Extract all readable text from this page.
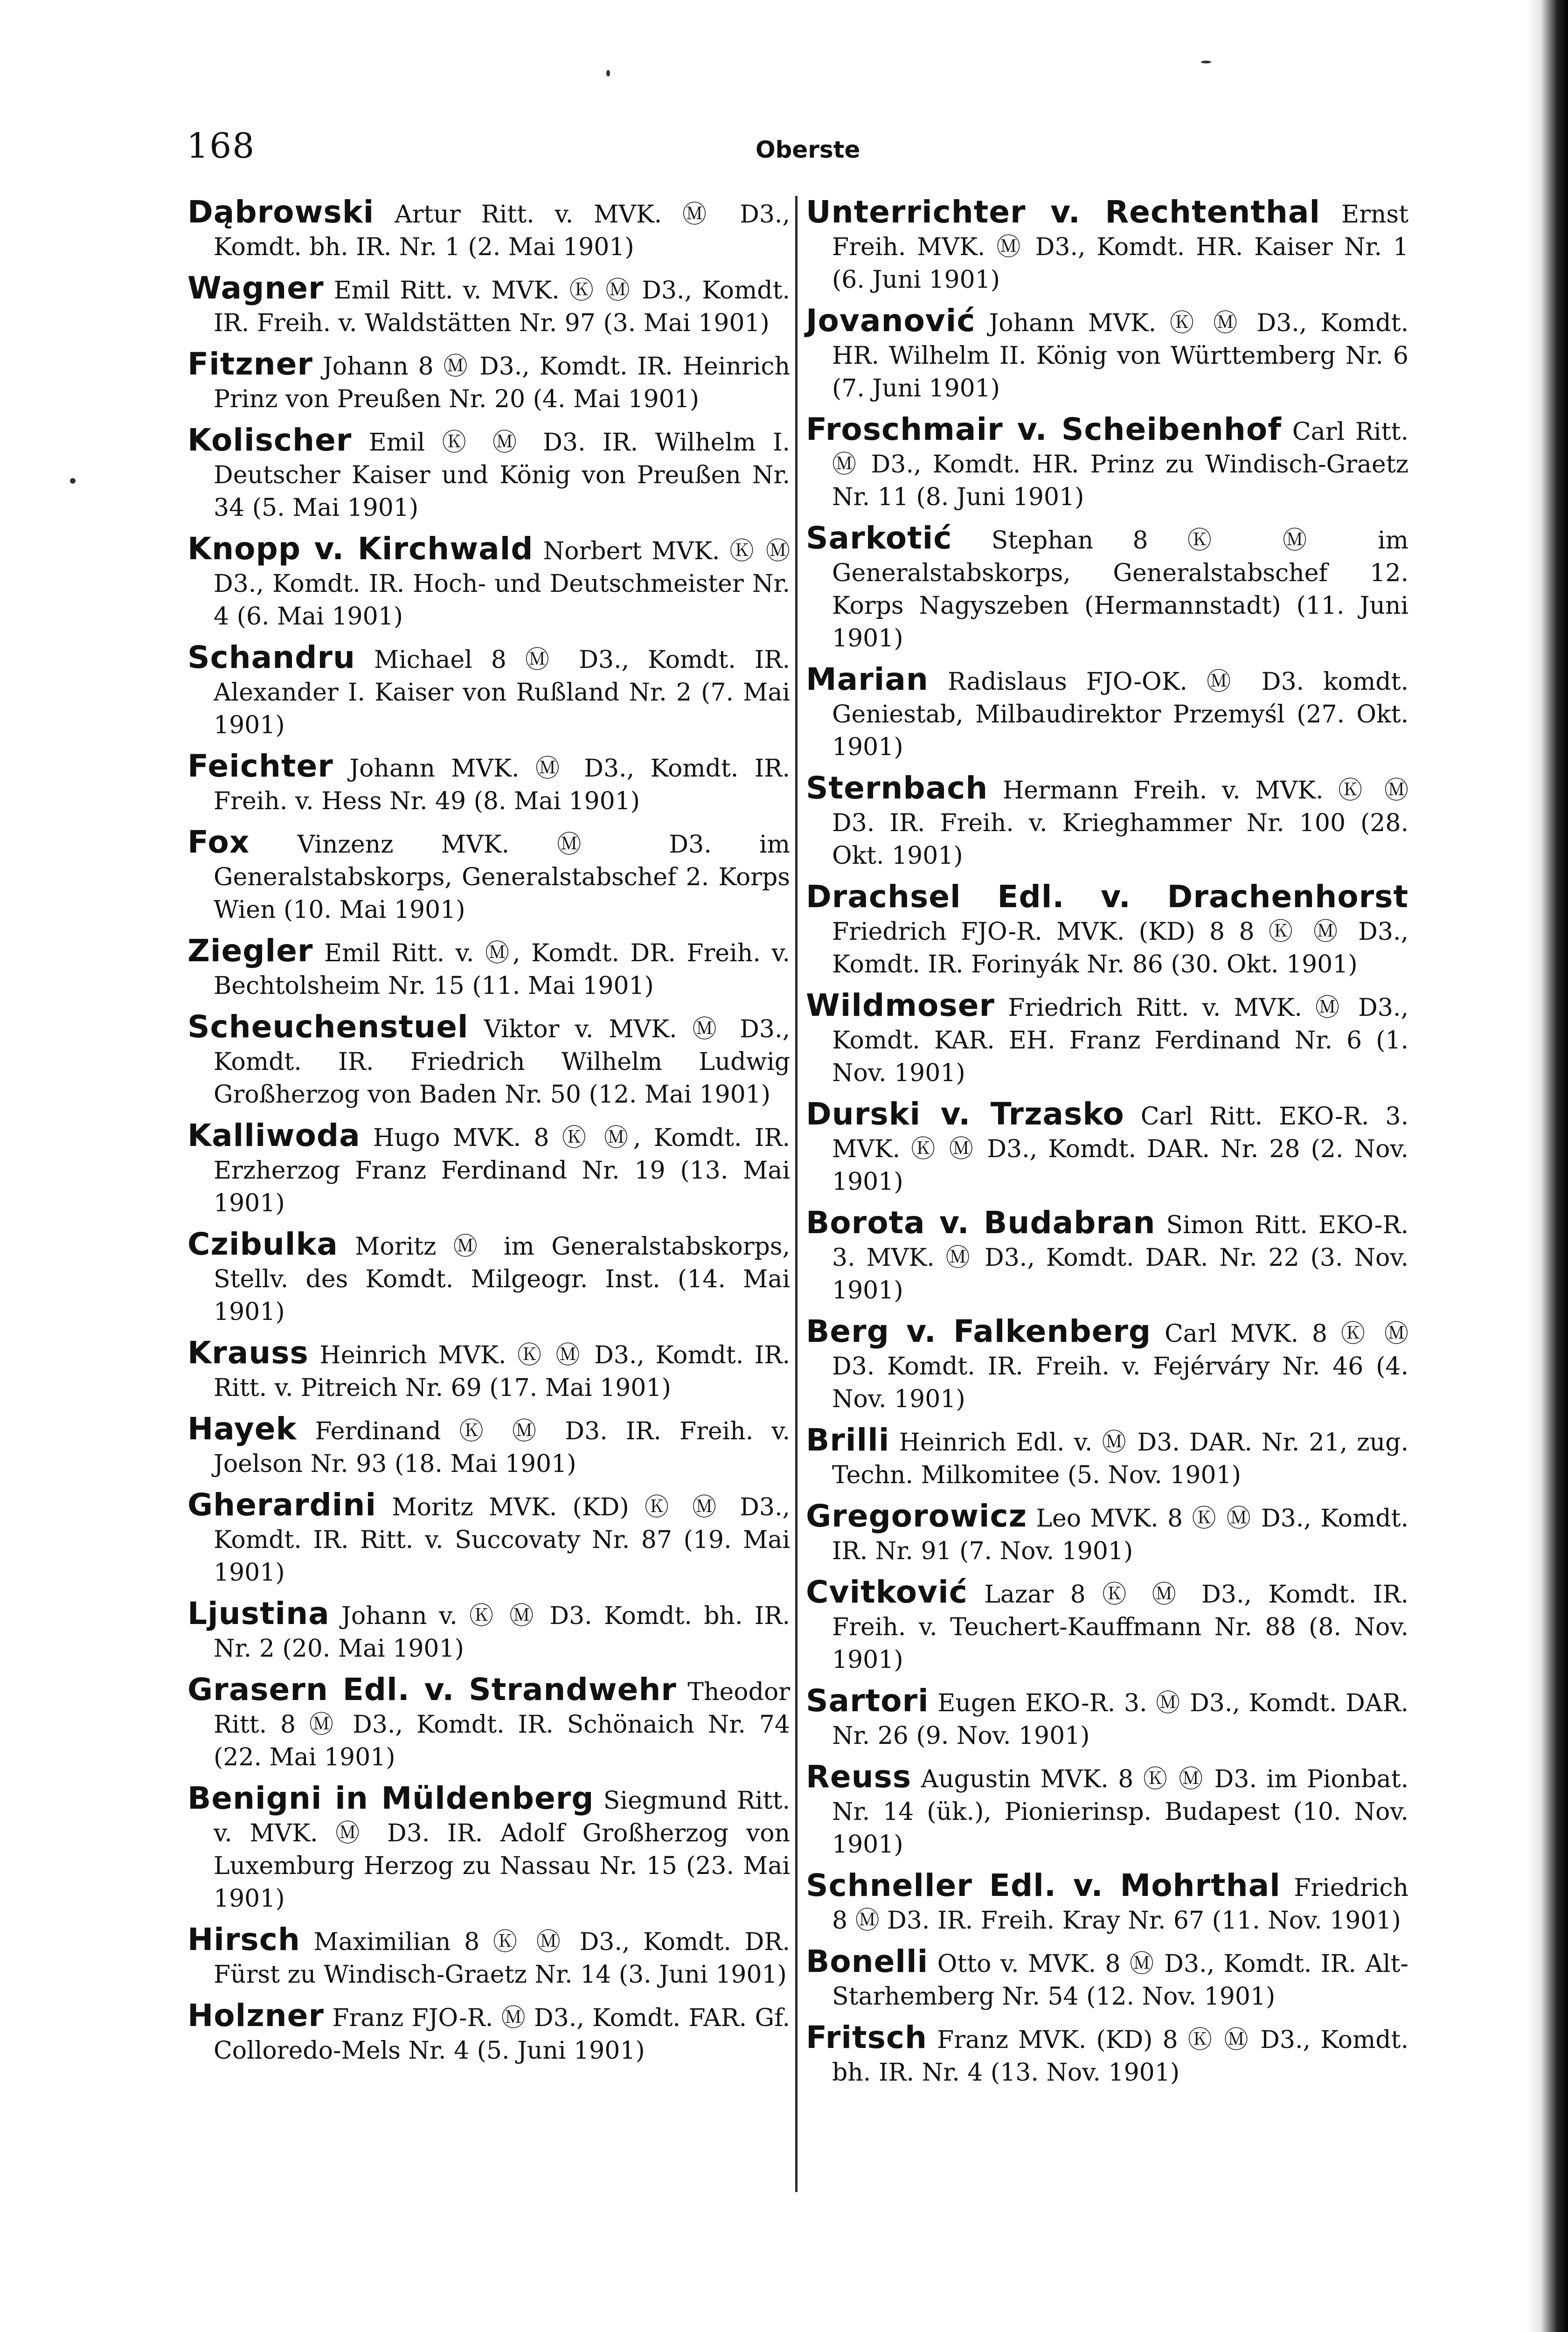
168	Oberste

Dąbrowski Artur Ritt. v. MVK. Ⓜ D3., Komdt. bh. IR. Nr. 1 (2. Mai 1901)

Wagner Emil Ritt. v. MVK. Ⓚ Ⓜ D3., Komdt. IR. Freih. v. Waldstätten Nr. 97 (3. Mai 1901)

Fitzner Johann 8 Ⓜ D3., Komdt. IR. Heinrich Prinz von Preußen Nr. 20 (4. Mai 1901)

Kolischer Emil Ⓚ Ⓜ D3. IR. Wilhelm I. Deutscher Kaiser und König von Preußen Nr. 34 (5. Mai 1901)

Knopp v. Kirchwald Norbert MVK. Ⓚ Ⓜ D3., Komdt. IR. Hoch- und Deutschmeister Nr. 4 (6. Mai 1901)

Schandru Michael 8 Ⓜ D3., Komdt. IR. Alexander I. Kaiser von Rußland Nr. 2 (7. Mai 1901)

Feichter Johann MVK. Ⓜ D3., Komdt. IR. Freih. v. Hess Nr. 49 (8. Mai 1901)

Fox Vinzenz MVK. Ⓜ D3. im Generalstabskorps, Generalstabschef 2. Korps Wien (10. Mai 1901)

Ziegler Emil Ritt. v. Ⓜ, Komdt. DR. Freih. v. Bechtolsheim Nr. 15 (11. Mai 1901)

Scheuchenstuel Viktor v. MVK. Ⓜ D3., Komdt. IR. Friedrich Wilhelm Ludwig Großherzog von Baden Nr. 50 (12. Mai 1901)

Kalliwoda Hugo MVK. 8 Ⓚ Ⓜ, Komdt. IR. Erzherzog Franz Ferdinand Nr. 19 (13. Mai 1901)

Czibulka Moritz Ⓜ im Generalstabskorps, Stellv. des Komdt. Milgeogr. Inst. (14. Mai 1901)

Krauss Heinrich MVK. Ⓚ Ⓜ D3., Komdt. IR. Ritt. v. Pitreich Nr. 69 (17. Mai 1901)

Hayek Ferdinand Ⓚ Ⓜ D3. IR. Freih. v. Joelson Nr. 93 (18. Mai 1901)

Gherardini Moritz MVK. (KD) Ⓚ Ⓜ D3., Komdt. IR. Ritt. v. Succovaty Nr. 87 (19. Mai 1901)

Ljustina Johann v. Ⓚ Ⓜ D3. Komdt. bh. IR. Nr. 2 (20. Mai 1901)

Grasern Edl. v. Strandwehr Theodor Ritt. 8 Ⓜ D3., Komdt. IR. Schönaich Nr. 74 (22. Mai 1901)

Benigni in Müldenberg Siegmund Ritt. v. MVK. Ⓜ D3. IR. Adolf Großherzog von Luxemburg Herzog zu Nassau Nr. 15 (23. Mai 1901)

Hirsch Maximilian 8 Ⓚ Ⓜ D3., Komdt. DR. Fürst zu Windisch-Graetz Nr. 14 (3. Juni 1901)

Holzner Franz FJO-R. Ⓜ D3., Komdt. FAR. Gf. Colloredo-Mels Nr. 4 (5. Juni 1901)

Unterrichter v. Rechtenthal Ernst Freih. MVK. Ⓜ D3., Komdt. HR. Kaiser Nr. 1 (6. Juni 1901)

Jovanović Johann MVK. Ⓚ Ⓜ D3., Komdt. HR. Wilhelm II. König von Württemberg Nr. 6 (7. Juni 1901)

Froschmair v. Scheibenhof Carl Ritt. Ⓜ D3., Komdt. HR. Prinz zu Windisch-Graetz Nr. 11 (8. Juni 1901)

Sarkotić Stephan 8 Ⓚ Ⓜ im Generalstabskorps, Generalstabschef 12. Korps Nagyszeben (Hermannstadt) (11. Juni 1901)

Marian Radislaus FJO-OK. Ⓜ D3. komdt. Geniestab, Milbaudirektor Przemyśl (27. Okt. 1901)

Sternbach Hermann Freih. v. MVK. Ⓚ Ⓜ D3. IR. Freih. v. Krieghammer Nr. 100 (28. Okt. 1901)

Drachsel Edl. v. Drachenhorst Friedrich FJO-R. MVK. (KD) 8 8 Ⓚ Ⓜ D3., Komdt. IR. Forinyák Nr. 86 (30. Okt. 1901)

Wildmoser Friedrich Ritt. v. MVK. Ⓜ D3., Komdt. KAR. EH. Franz Ferdinand Nr. 6 (1. Nov. 1901)

Durski v. Trzasko Carl Ritt. EKO-R. 3. MVK. Ⓚ Ⓜ D3., Komdt. DAR. Nr. 28 (2. Nov. 1901)

Borota v. Budabran Simon Ritt. EKO-R. 3. MVK. Ⓜ D3., Komdt. DAR. Nr. 22 (3. Nov. 1901)

Berg v. Falkenberg Carl MVK. 8 Ⓚ Ⓜ D3. Komdt. IR. Freih. v. Fejérváry Nr. 46 (4. Nov. 1901)

Brilli Heinrich Edl. v. Ⓜ D3. DAR. Nr. 21, zug. Techn. Milkomitee (5. Nov. 1901)

Gregorowicz Leo MVK. 8 Ⓚ Ⓜ D3., Komdt. IR. Nr. 91 (7. Nov. 1901)

Cvitković Lazar 8 Ⓚ Ⓜ D3., Komdt. IR. Freih. v. Teuchert-Kauffmann Nr. 88 (8. Nov. 1901)

Sartori Eugen EKO-R. 3. Ⓜ D3., Komdt. DAR. Nr. 26 (9. Nov. 1901)

Reuss Augustin MVK. 8 Ⓚ Ⓜ D3. im Pionbat. Nr. 14 (ük.), Pionierinsp. Budapest (10. Nov. 1901)

Schneller Edl. v. Mohrthal Friedrich 8 Ⓜ D3. IR. Freih. Kray Nr. 67 (11. Nov. 1901)

Bonelli Otto v. MVK. 8 Ⓜ D3., Komdt. IR. Alt-Starhemberg Nr. 54 (12. Nov. 1901)

Fritsch Franz MVK. (KD) 8 Ⓚ Ⓜ D3., Komdt. bh. IR. Nr. 4 (13. Nov. 1901)
